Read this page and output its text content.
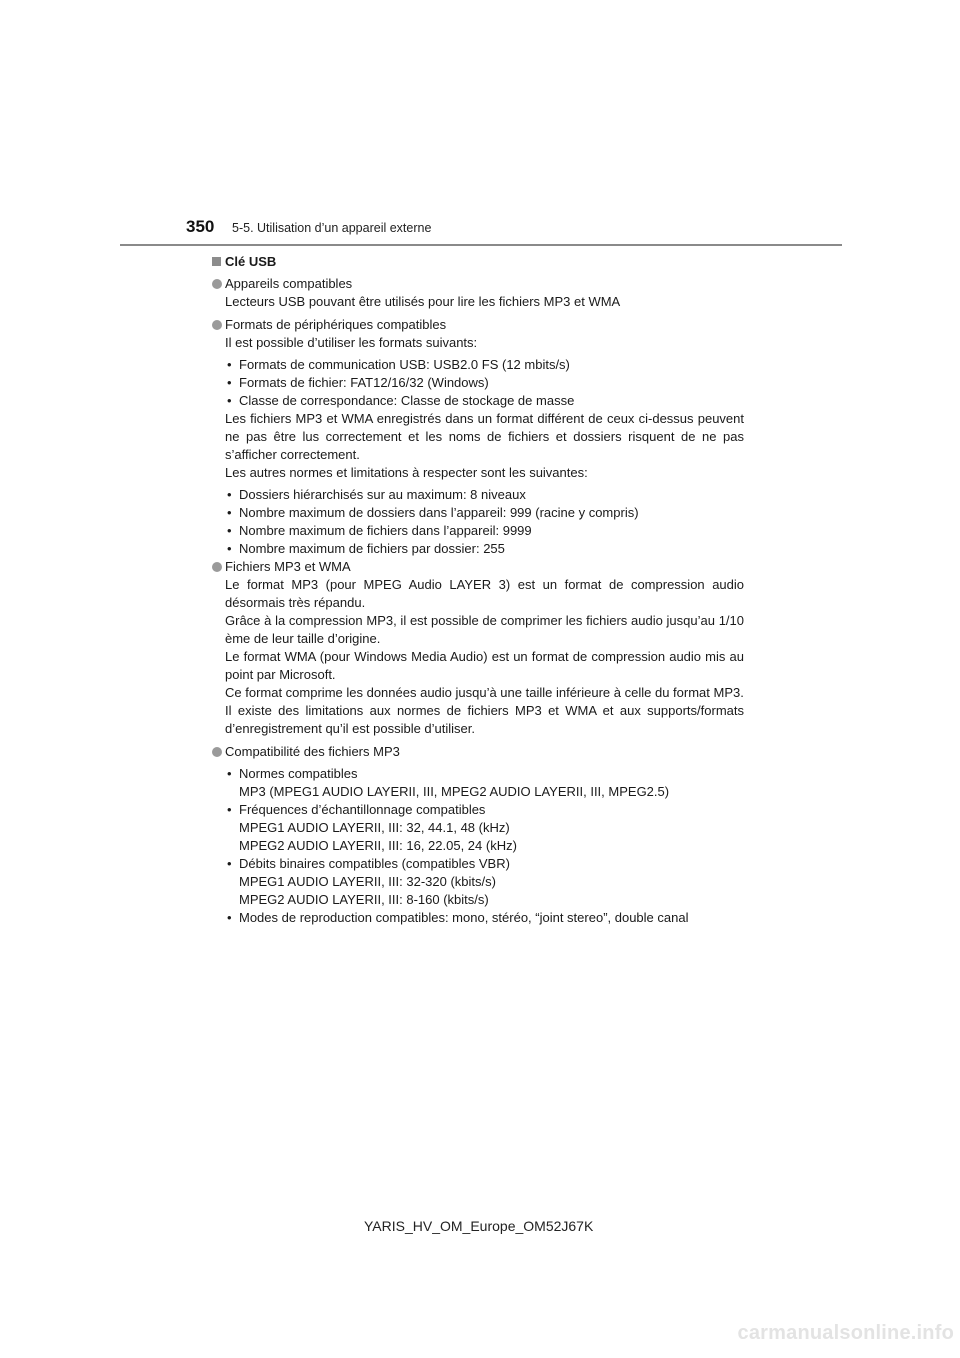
350 5-5. Utilisation d’un appareil externe
Clé USB
Appareils compatibles

Lecteurs USB pouvant être utilisés pour lire les fichiers MP3 et WMA

Formats de périphériques compatibles

Il est possible d’utiliser les formats suivants:

• Formats de communication USB: USB2.0 FS (12 mbits/s)
• Formats de fichier: FAT12/16/32 (Windows)
• Classe de correspondance: Classe de stockage de masse

Les fichiers MP3 et WMA enregistrés dans un format différent de ceux ci-dessus peuvent ne pas être lus correctement et les noms de fichiers et dossiers risquent de ne pas s’afficher correctement.

Les autres normes et limitations à respecter sont les suivantes:

• Dossiers hiérarchisés sur au maximum: 8 niveaux
• Nombre maximum de dossiers dans l’appareil: 999 (racine y compris)
• Nombre maximum de fichiers dans l’appareil: 9999
• Nombre maximum de fichiers par dossier: 255
Fichiers MP3 et WMA

Le format MP3 (pour MPEG Audio LAYER 3) est un format de compression audio désormais très répandu.

Grâce à la compression MP3, il est possible de comprimer les fichiers audio jusqu’au 1/10 ème de leur taille d’origine.

Le format WMA (pour Windows Media Audio) est un format de compression audio mis au point par Microsoft.

Ce format comprime les données audio jusqu’à une taille inférieure à celle du format MP3.

Il existe des limitations aux normes de fichiers MP3 et WMA et aux supports/formats d’enregistrement qu’il est possible d’utiliser.

Compatibilité des fichiers MP3
• Normes compatibles
MP3 (MPEG1 AUDIO LAYERII, III, MPEG2 AUDIO LAYERII, III, MPEG2.5)
• Fréquences d’échantillonnage compatibles
MPEG1 AUDIO LAYERII, III: 32, 44.1, 48 (kHz)
MPEG2 AUDIO LAYERII, III: 16, 22.05, 24 (kHz)
• Débits binaires compatibles (compatibles VBR)
MPEG1 AUDIO LAYERII, III: 32-320 (kbits/s)
MPEG2 AUDIO LAYERII, III: 8-160 (kbits/s)
• Modes de reproduction compatibles: mono, stéréo, “joint stereo”, double canal
YARIS_HV_OM_Europe_OM52J67K
carmanualsonline.info
